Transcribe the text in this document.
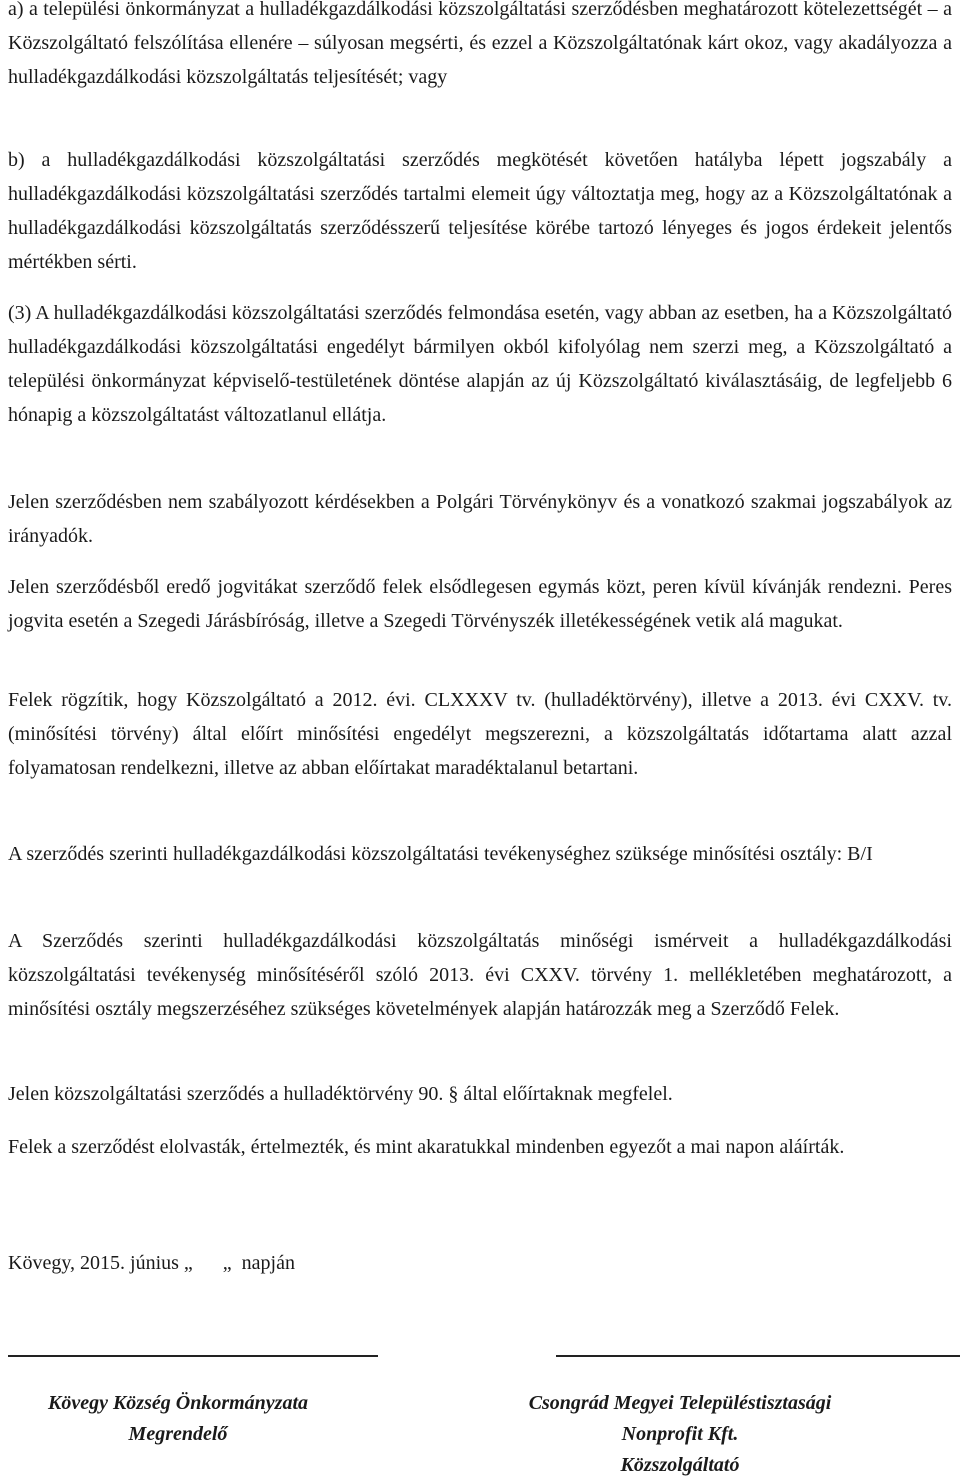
a) a települési önkormányzat a hulladékgazdálkodási közszolgáltatási szerződésben meghatározott kötelezettségét – a Közszolgáltató felszólítása ellenére – súlyosan megsérti, és ezzel a Közszolgáltatónak kárt okoz, vagy akadályozza a hulladékgazdálkodási közszolgáltatás teljesítését; vagy

b) a hulladékgazdálkodási közszolgáltatási szerződés megkötését követően hatályba lépett jogszabály a hulladékgazdálkodási közszolgáltatási szerződés tartalmi elemeit úgy változtatja meg, hogy az a Közszolgáltatónak a hulladékgazdálkodási közszolgáltatás szerződésszerű teljesítése körébe tartozó lényeges és jogos érdekeit jelentős mértékben sérti.

(3) A hulladékgazdálkodási közszolgáltatási szerződés felmondása esetén, vagy abban az esetben, ha a Közszolgáltató hulladékgazdálkodási közszolgáltatási engedélyt bármilyen okból kifolyólag nem szerzi meg, a Közszolgáltató a települési önkormányzat képviselő-testületének döntése alapján az új Közszolgáltató kiválasztásáig, de legfeljebb 6 hónapig a közszolgáltatást változatlanul ellátja.

Jelen szerződésben nem szabályozott kérdésekben a Polgári Törvénykönyv és a vonatkozó szakmai jogszabályok az irányadók.

Jelen szerződésből eredő jogvitákat szerződő felek elsődlegesen egymás közt, peren kívül kívánják rendezni. Peres jogvita esetén a Szegedi Járásbíróság, illetve a Szegedi Törvényszék illetékességének vetik alá magukat.

Felek rögzítik, hogy Közszolgáltató a 2012. évi. CLXXXV tv. (hulladéktörvény), illetve a 2013. évi CXXV. tv. (minősítési törvény) által előírt minősítési engedélyt megszerezni, a közszolgáltatás időtartama alatt azzal folyamatosan rendelkezni, illetve az abban előírtakat maradéktalanul betartani.

A szerződés szerinti hulladékgazdálkodási közszolgáltatási tevékenységhez szüksége minősítési osztály: B/I

A Szerződés szerinti hulladékgazdálkodási közszolgáltatás minőségi ismérveit a hulladékgazdálkodási közszolgáltatási tevékenység minősítéséről szóló 2013. évi CXXV. törvény 1. mellékletében meghatározott, a minősítési osztály megszerzéséhez szükséges követelmények alapján határozzák meg a Szerződő Felek.

Jelen közszolgáltatási szerződés a hulladéktörvény 90. § által előírtaknak megfelel.

Felek a szerződést elolvasták, értelmezték, és mint akaratukkal mindenben egyezőt a mai napon aláírták.

Kövegy, 2015. június „      „  napján
Kövegy Község Önkormányzata
Megrendelő
Csongrád Megyei Településtisztasági
Nonprofit Kft.
Közszolgáltató
